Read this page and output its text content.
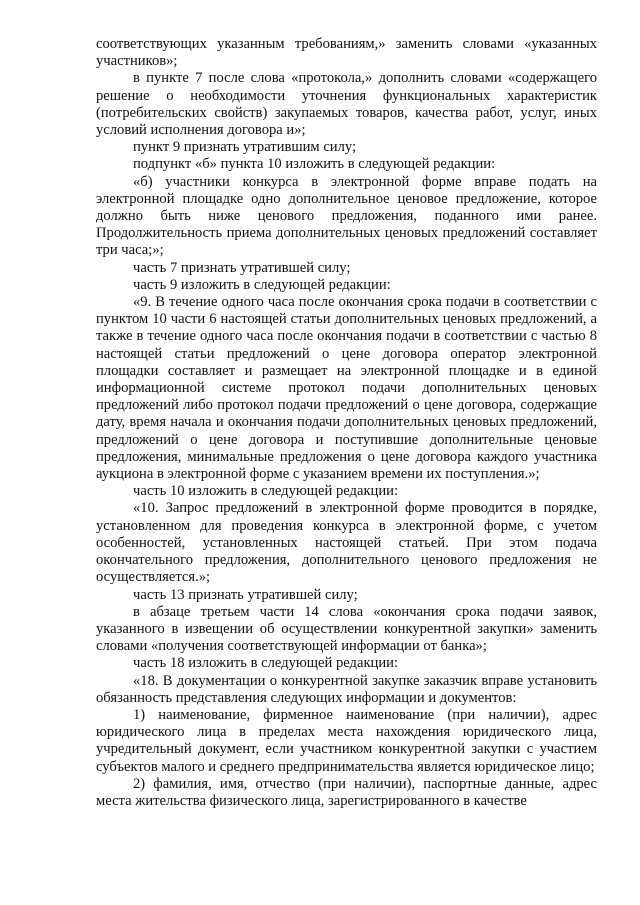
соответствующих указанным требованиям,» заменить словами «указанных участников»;

в пункте 7 после слова «протокола,» дополнить словами «содержащего решение о необходимости уточнения функциональных характеристик (потребительских свойств) закупаемых товаров, качества работ, услуг, иных условий исполнения договора и»;

пункт 9 признать утратившим силу;

подпункт «б» пункта 10 изложить в следующей редакции:

«б) участники конкурса в электронной форме вправе подать на электронной площадке одно дополнительное ценовое предложение, которое должно быть ниже ценового предложения, поданного ими ранее. Продолжительность приема дополнительных ценовых предложений составляет три часа;»;

часть 7 признать утратившей силу;

часть 9 изложить в следующей редакции:

«9. В течение одного часа после окончания срока подачи в соответствии с пунктом 10 части 6 настоящей статьи дополнительных ценовых предложений, а также в течение одного часа после окончания подачи в соответствии с частью 8 настоящей статьи предложений о цене договора оператор электронной площадки составляет и размещает на электронной площадке и в единой информационной системе протокол подачи дополнительных ценовых предложений либо протокол подачи предложений о цене договора, содержащие дату, время начала и окончания подачи дополнительных ценовых предложений, предложений о цене договора и поступившие дополнительные ценовые предложения, минимальные предложения о цене договора каждого участника аукциона в электронной форме с указанием времени их поступления.»;

часть 10 изложить в следующей редакции:

«10. Запрос предложений в электронной форме проводится в порядке, установленном для проведения конкурса в электронной форме, с учетом особенностей, установленных настоящей статьей. При этом подача окончательного предложения, дополнительного ценового предложения не осуществляется.»;

часть 13 признать утратившей силу;

в абзаце третьем части 14 слова «окончания срока подачи заявок, указанного в извещении об осуществлении конкурентной закупки» заменить словами «получения соответствующей информации от банка»;

часть 18 изложить в следующей редакции:

«18. В документации о конкурентной закупке заказчик вправе установить обязанность представления следующих информации и документов:

1) наименование, фирменное наименование (при наличии), адрес юридического лица в пределах места нахождения юридического лица, учредительный документ, если участником конкурентной закупки с участием субъектов малого и среднего предпринимательства является юридическое лицо;

2) фамилия, имя, отчество (при наличии), паспортные данные, адрес места жительства физического лица, зарегистрированного в качестве
